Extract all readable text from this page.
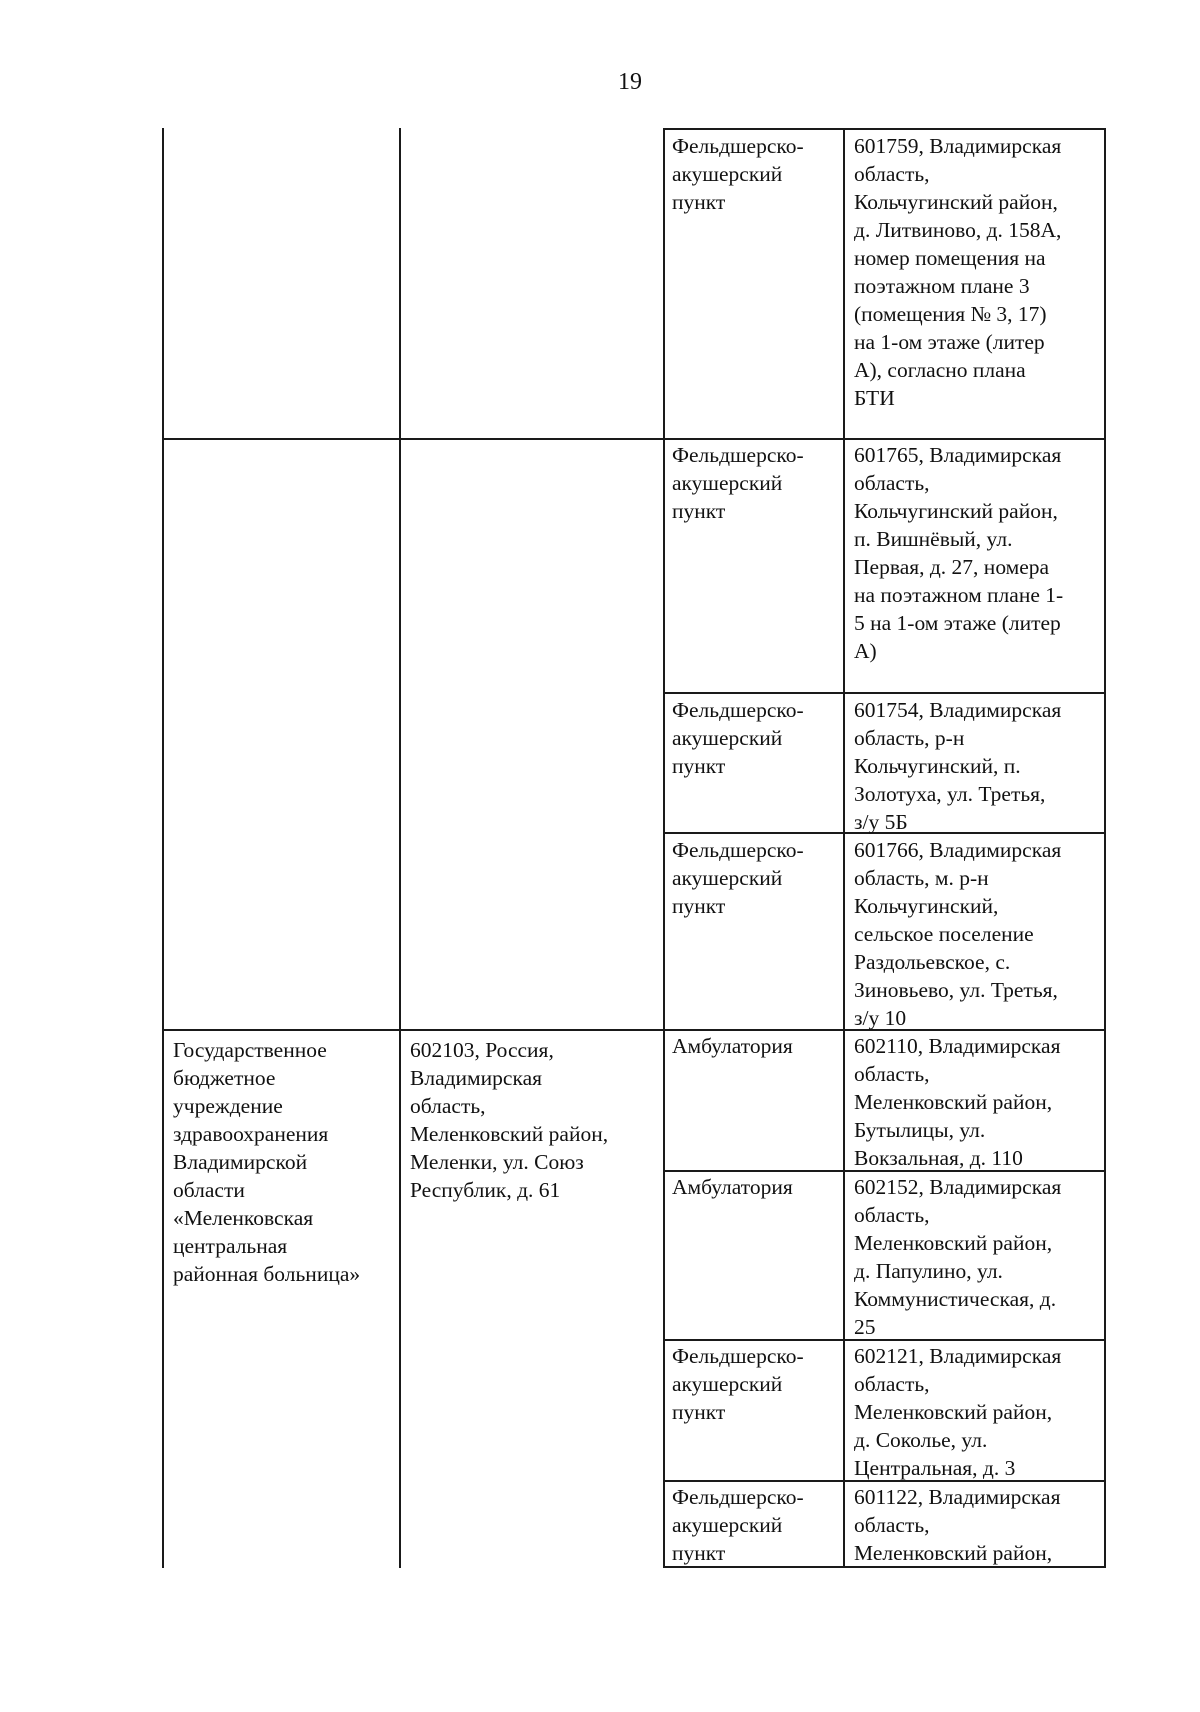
19
Государственное
бюджетное
учреждение
здравоохранения
Владимирской
области
«Меленковская
центральная
районная больница»
602103, Россия,
Владимирская
область,
Меленковский район,
Меленки, ул. Союз
Республик, д. 61
Фельдшерско-
акушерский
пункт
601759, Владимирская
область,
Кольчугинский район,
д. Литвиново, д. 158А,
номер помещения на
поэтажном плане 3
(помещения № 3, 17)
на 1-ом этаже (литер
А), согласно плана
БТИ
Фельдшерско-
акушерский
пункт
601765, Владимирская
область,
Кольчугинский район,
п. Вишнёвый, ул.
Первая, д. 27, номера
на поэтажном плане 1-
5 на 1-ом этаже (литер
А)
Фельдшерско-
акушерский
пункт
601754, Владимирская
область, р-н
Кольчугинский, п.
Золотуха, ул. Третья,
з/у 5Б
Фельдшерско-
акушерский
пункт
601766, Владимирская
область, м. р-н
Кольчугинский,
сельское поселение
Раздольевское, с.
Зиновьево, ул. Третья,
з/у 10
Амбулатория	602110, Владимирская
область,
Меленковский район,
Бутылицы, ул.
Вокзальная, д. 110
Амбулатория	602152, Владимирская
область,
Меленковский район,
д. Папулино, ул.
Коммунистическая, д.
25
Фельдшерско-
акушерский
пункт
602121, Владимирская
область,
Меленковский район,
д. Соколье, ул.
Центральная, д. 3
Фельдшерско-
акушерский
пункт
601122, Владимирская
область,
Меленковский район,
